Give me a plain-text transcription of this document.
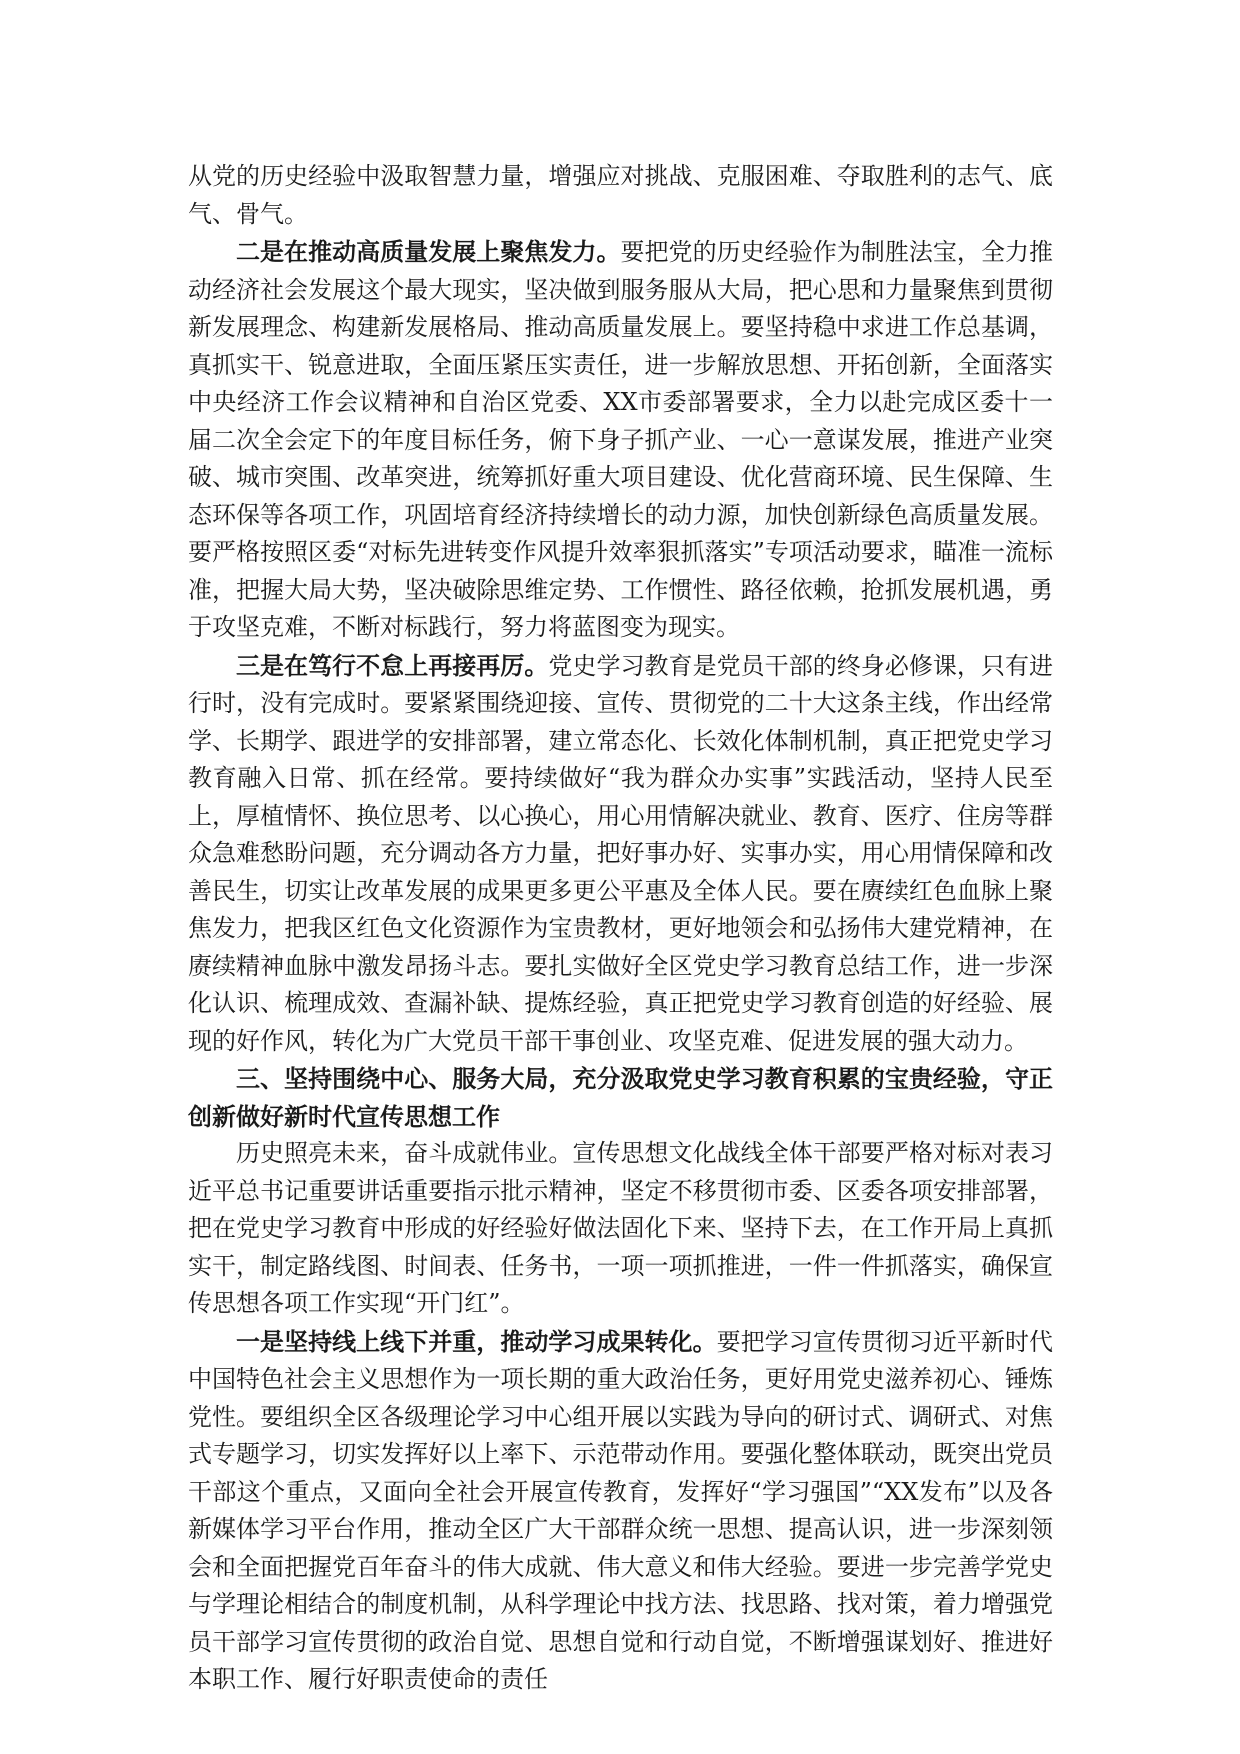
从党的历史经验中汲取智慧力量，增强应对挑战、克服困难、夺取胜利的志气、底气、骨气。

二是在推动高质量发展上聚焦发力。要把党的历史经验作为制胜法宝，全力推动经济社会发展这个最大现实，坚决做到服务服从大局，把心思和力量聚焦到贯彻新发展理念、构建新发展格局、推动高质量发展上。要坚持稳中求进工作总基调，真抓实干、锐意进取，全面压紧压实责任，进一步解放思想、开拓创新，全面落实中央经济工作会议精神和自治区党委、XX市委部署要求，全力以赴完成区委十一届二次全会定下的年度目标任务，俯下身子抓产业、一心一意谋发展，推进产业突破、城市突围、改革突进，统筹抓好重大项目建设、优化营商环境、民生保障、生态环保等各项工作，巩固培育经济持续增长的动力源，加快创新绿色高质量发展。要严格按照区委“对标先进转变作风提升效率狠抓落实”专项活动要求，瞄准一流标准，把握大局大势，坚决破除思维定势、工作惯性、路径依赖，抢抓发展机遇，勇于攻坚克难，不断对标践行，努力将蓝图变为现实。

三是在笃行不怠上再接再厉。党史学习教育是党员干部的终身必修课，只有进行时，没有完成时。要紧紧围绕迎接、宣传、贯彻党的二十大这条主线，作出经常学、长期学、跟进学的安排部署，建立常态化、长效化体制机制，真正把党史学习教育融入日常、抓在经常。要持续做好“我为群众办实事”实践活动，坚持人民至上，厚植情怀、换位思考、以心换心，用心用情解决就业、教育、医疗、住房等群众急难愁盼问题，充分调动各方力量，把好事办好、实事办实，用心用情保障和改善民生，切实让改革发展的成果更多更公平惠及全体人民。要在赓续红色血脉上聚焦发力，把我区红色文化资源作为宝贵教材，更好地领会和弘扬伟大建党精神，在赓续精神血脉中激发昂扬斗志。要扎实做好全区党史学习教育总结工作，进一步深化认识、梳理成效、查漏补缺、提炼经验，真正把党史学习教育创造的好经验、展现的好作风，转化为广大党员干部干事创业、攻坚克难、促进发展的强大动力。

三、坚持围绕中心、服务大局，充分汲取党史学习教育积累的宝贵经验，守正创新做好新时代宣传思想工作

历史照亮未来，奋斗成就伟业。宣传思想文化战线全体干部要严格对标对表习近平总书记重要讲话重要指示批示精神，坚定不移贯彻市委、区委各项安排部署，把在党史学习教育中形成的好经验好做法固化下来、坚持下去，在工作开局上真抓实干，制定路线图、时间表、任务书，一项一项抓推进，一件一件抓落实，确保宣传思想各项工作实现“开门红”。

一是坚持线上线下并重，推动学习成果转化。要把学习宣传贯彻习近平新时代中国特色社会主义思想作为一项长期的重大政治任务，更好用党史滋养初心、锤炼党性。要组织全区各级理论学习中心组开展以实践为导向的研讨式、调研式、对焦式专题学习，切实发挥好以上率下、示范带动作用。要强化整体联动，既突出党员干部这个重点，又面向全社会开展宣传教育，发挥好“学习强国”“XX发布”以及各新媒体学习平台作用，推动全区广大干部群众统一思想、提高认识，进一步深刻领会和全面把握党百年奋斗的伟大成就、伟大意义和伟大经验。要进一步完善学党史与学理论相结合的制度机制，从科学理论中找方法、找思路、找对策，着力增强党员干部学习宣传贯彻的政治自觉、思想自觉和行动自觉，不断增强谋划好、推进好本职工作、履行好职责使命的责任
